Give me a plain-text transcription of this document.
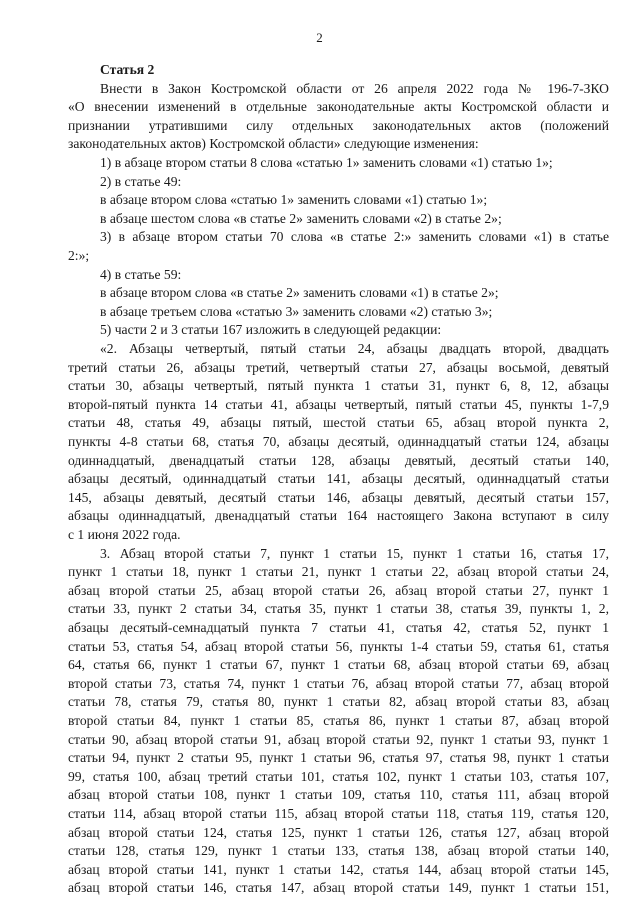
2
Статья 2
Внести в Закон Костромской области от 26 апреля 2022 года № 196-7-ЗКО
«О внесении изменений в отдельные законодательные акты Костромской области и
признании утратившими силу отдельных законодательных актов (положений
законодательных актов) Костромской области» следующие изменения:
1) в абзаце втором статьи 8 слова «статью 1» заменить словами «1) статью 1»;
2) в статье 49:
в абзаце втором слова «статью 1» заменить словами «1) статью 1»;
в абзаце шестом слова «в статье 2» заменить словами «2) в статье 2»;
3) в абзаце втором статьи 70 слова «в статье 2:» заменить словами «1) в статье
2:»;
4) в статье 59:
в абзаце втором слова «в статье 2» заменить словами «1) в статье 2»;
в абзаце третьем слова «статью 3» заменить словами «2) статью 3»;
5) части 2 и 3 статьи 167 изложить в следующей редакции:
«2. Абзацы четвертый, пятый статьи 24, абзацы двадцать второй, двадцать
третий статьи 26, абзацы третий, четвертый статьи 27, абзацы восьмой, девятый
статьи 30, абзацы четвертый, пятый пункта 1 статьи 31, пункт 6, 8, 12, абзацы
второй-пятый пункта 14 статьи 41, абзацы четвертый, пятый статьи 45, пункты 1-7,9
статьи 48, статья 49, абзацы пятый, шестой статьи 65, абзац второй пункта 2,
пункты 4-8 статьи 68, статья 70, абзацы десятый, одиннадцатый статьи 124, абзацы
одиннадцатый, двенадцатый статьи 128, абзацы девятый, десятый статьи 140,
абзацы десятый, одиннадцатый статьи 141, абзацы десятый, одиннадцатый статьи
145, абзацы девятый, десятый статьи 146, абзацы девятый, десятый статьи 157,
абзацы одиннадцатый, двенадцатый статьи 164 настоящего Закона вступают в силу
с 1 июня 2022 года.
3. Абзац второй статьи 7, пункт 1 статьи 15, пункт 1 статьи 16, статья 17,
пункт 1 статьи 18, пункт 1 статьи 21, пункт 1 статьи 22, абзац второй статьи 24,
абзац второй статьи 25, абзац второй статьи 26, абзац второй статьи 27, пункт 1
статьи 33, пункт 2 статьи 34, статья 35, пункт 1 статьи 38, статья 39, пункты 1, 2,
абзацы десятый-семнадцатый пункта 7 статьи 41, статья 42, статья 52, пункт 1
статьи 53, статья 54, абзац второй статьи 56, пункты 1-4 статьи 59, статья 61, статья
64, статья 66, пункт 1 статьи 67, пункт 1 статьи 68, абзац второй статьи 69, абзац
второй статьи 73, статья 74, пункт 1 статьи 76, абзац второй статьи 77, абзац второй
статьи 78, статья 79, статья 80, пункт 1 статьи 82, абзац второй статьи 83, абзац
второй статьи 84, пункт 1 статьи 85, статья 86, пункт 1 статьи 87, абзац второй
статьи 90, абзац второй статьи 91, абзац второй статьи 92, пункт 1 статьи 93, пункт 1
статьи 94, пункт 2 статьи 95, пункт 1 статьи 96, статья 97, статья 98, пункт 1 статьи
99, статья 100, абзац третий статьи 101, статья 102, пункт 1 статьи 103, статья 107,
абзац второй статьи 108, пункт 1 статьи 109, статья 110, статья 111, абзац второй
статьи 114, абзац второй статьи 115, абзац второй статьи 118, статья 119, статья 120,
абзац второй статьи 124, статья 125, пункт 1 статьи 126, статья 127, абзац второй
статьи 128, статья 129, пункт 1 статьи 133, статья 138, абзац второй статьи 140,
абзац второй статьи 141, пункт 1 статьи 142, статья 144, абзац второй статьи 145,
абзац второй статьи 146, статья 147, абзац второй статьи 149, пункт 1 статьи 151,
